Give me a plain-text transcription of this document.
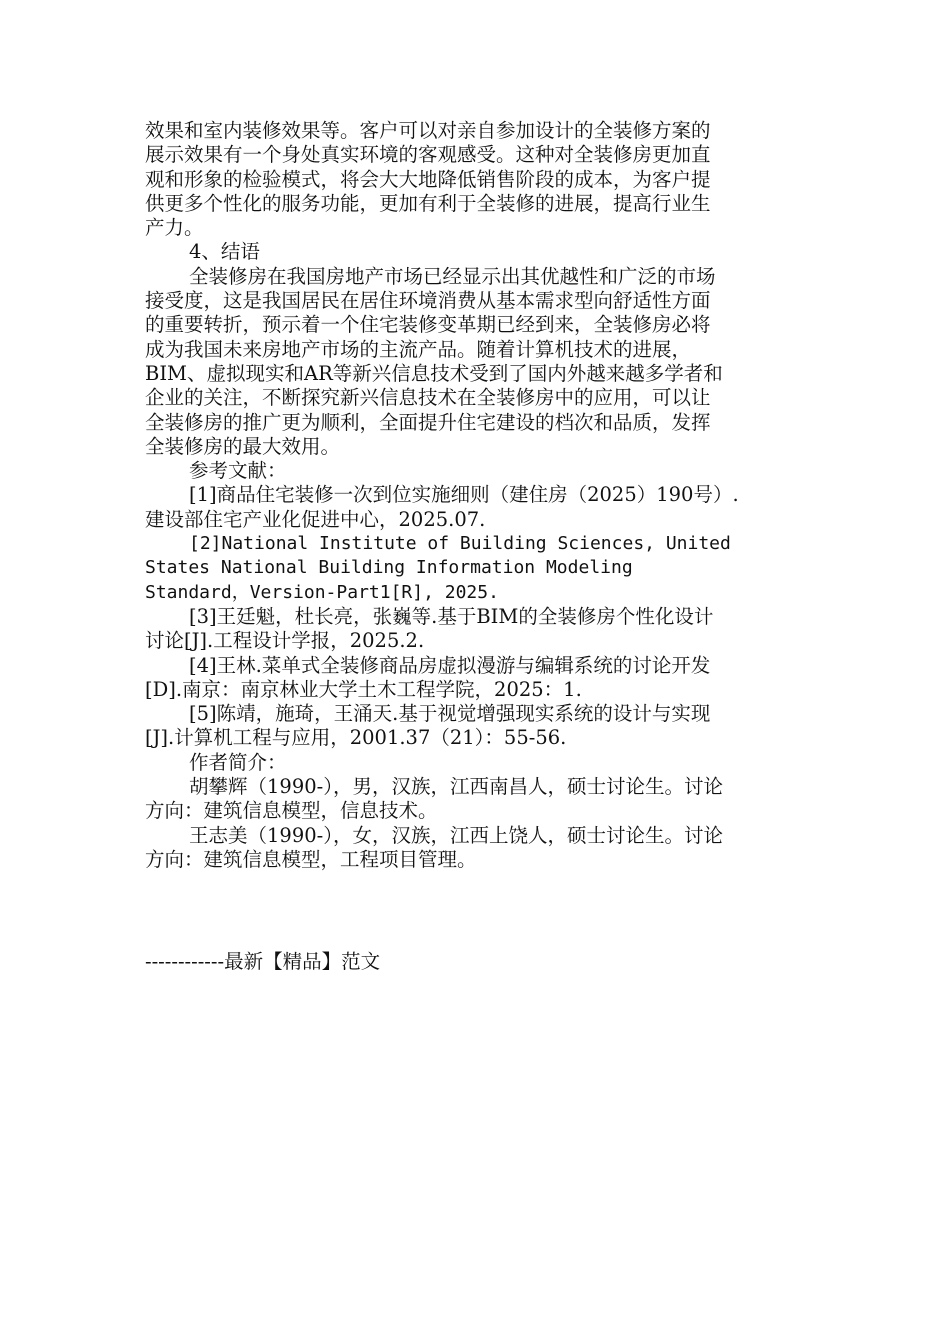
效果和室内装修效果等。客户可以对亲自参加设计的全装修方案的
展示效果有一个身处真实环境的客观感受。这种对全装修房更加直
观和形象的检验模式，将会大大地降低销售阶段的成本，为客户提
供更多个性化的服务功能，更加有利于全装修的进展，提高行业生
产力。
4、结语
全装修房在我国房地产市场已经显示出其优越性和广泛的市场
接受度，这是我国居民在居住环境消费从基本需求型向舒适性方面
的重要转折，预示着一个住宅装修变革期已经到来，全装修房必将
成为我国未来房地产市场的主流产品。随着计算机技术的进展，
BIM、虚拟现实和AR等新兴信息技术受到了国内外越来越多学者和
企业的关注，不断探究新兴信息技术在全装修房中的应用，可以让
全装修房的推广更为顺利，全面提升住宅建设的档次和品质，发挥
全装修房的最大效用。
参考文献：
[1]商品住宅装修一次到位实施细则（建住房（2025）190号）.
建设部住宅产业化促进中心，2025.07.
[2]National Institute of Building Sciences, United
States National Building Information Modeling
Standard，Version-Part1[R], 2025.
[3]王廷魁，杜长亮，张巍等.基于BIM的全装修房个性化设计
讨论[J].工程设计学报，2025.2.
[4]王林.菜单式全装修商品房虚拟漫游与编辑系统的讨论开发
[D].南京：南京林业大学土木工程学院，2025：1.
[5]陈靖，施琦，王涌天.基于视觉增强现实系统的设计与实现
[J].计算机工程与应用，2001.37（21）：55-56.
作者简介：
胡攀辉（1990-），男，汉族，江西南昌人，硕士讨论生。讨论
方向：建筑信息模型，信息技术。
王志美（1990-），女，汉族，江西上饶人，硕士讨论生。讨论
方向：建筑信息模型，工程项目管理。
------------最新【精品】范文
